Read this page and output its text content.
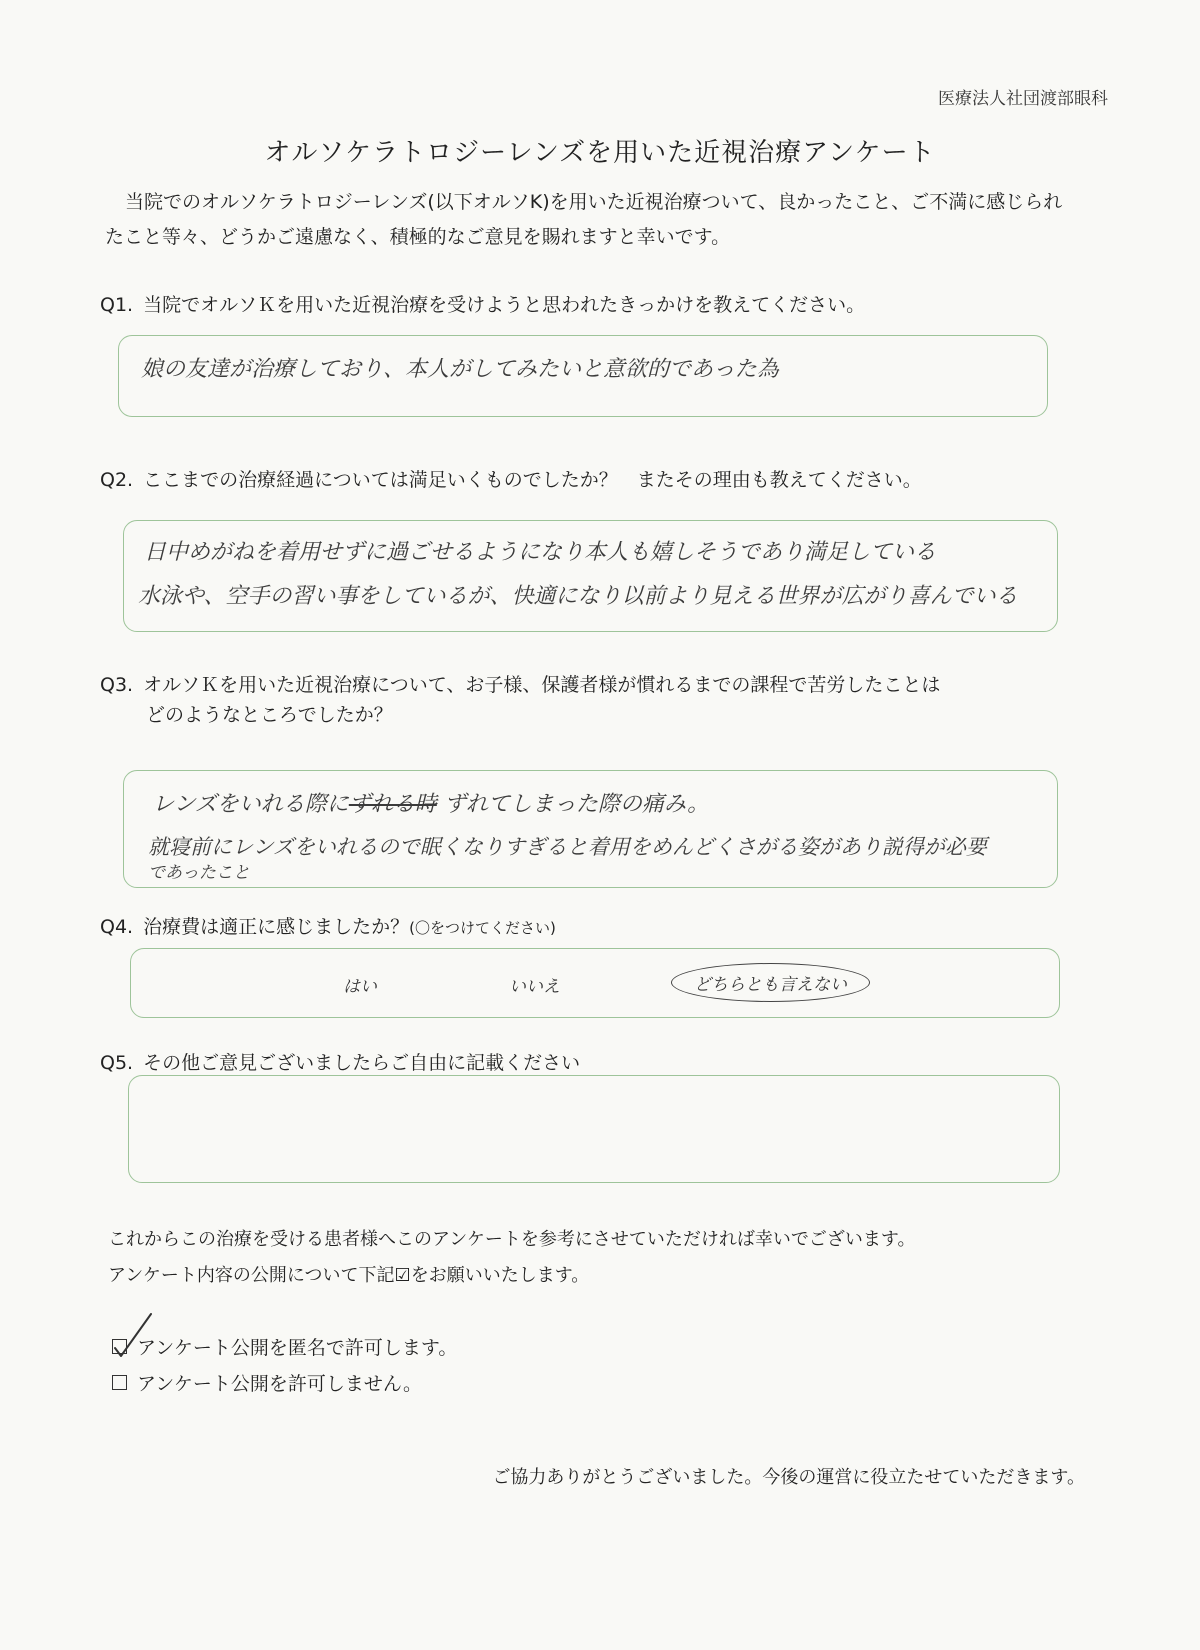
医療法人社団渡部眼科
オルソケラトロジーレンズを用いた近視治療アンケート
当院でのオルソケラトロジーレンズ(以下オルソK)を用いた近視治療ついて、良かったこと、ご不満に感じられたこと等々、どうかご遠慮なく、積極的なご意見を賜れますと幸いです。
Q1. 当院でオルソＫを用いた近視治療を受けようと思われたきっかけを教えてください。
娘の友達が治療しており、本人がしてみたいと意欲的であった為
Q2. ここまでの治療経過については満足いくものでしたか？　またその理由も教えてください。
日中めがねを着用せずに過ごせるようになり本人も嬉しそうであり満足している
水泳や、空手の習い事をしているが、快適になり以前より見える世界が広がり喜んでいる
Q3. オルソＫを用いた近視治療について、お子様、保護者様が慣れるまでの課程で苦労したことは
どのようなところでしたか？
レンズをいれる際にずれる時 ずれてしまった際の痛み。
就寝前にレンズをいれるので眠くなりすぎると着用をめんどくさがる姿があり説得が必要
であったこと
Q4. 治療費は適正に感じましたか？(〇をつけてください)
はい	いいえ	どちらとも言えない
Q5. その他ご意見ございましたらご自由に記載ください
これからこの治療を受ける患者様へこのアンケートを参考にさせていただければ幸いでございます。
アンケート内容の公開について下記☑をお願いいたします。
アンケート公開を匿名で許可します。
アンケート公開を許可しません。
ご協力ありがとうございました。今後の運営に役立たせていただきます。
